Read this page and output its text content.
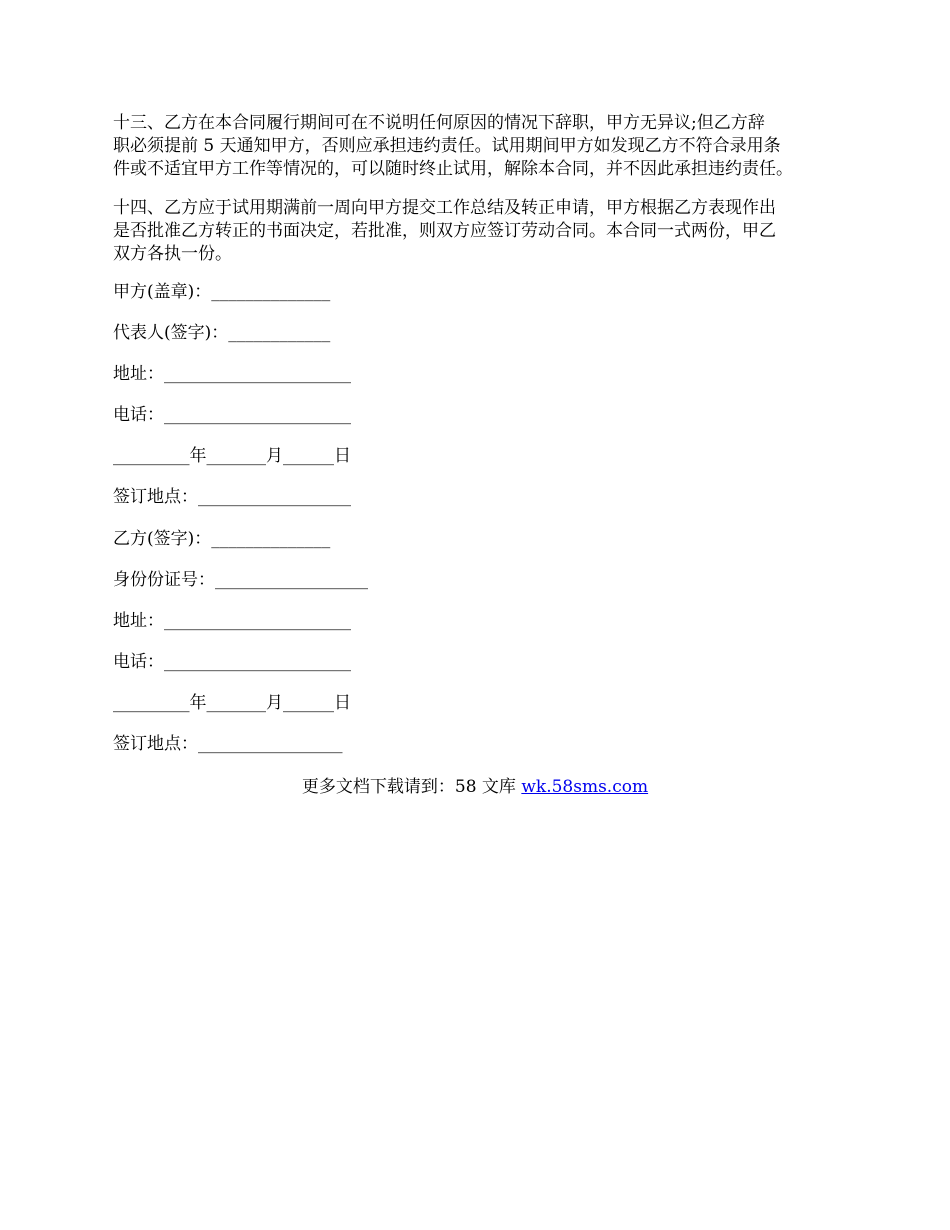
十三、乙方在本合同履行期间可在不说明任何原因的情况下辞职，甲方无异议;但乙方辞
职必须提前 5 天通知甲方，否则应承担违约责任。试用期间甲方如发现乙方不符合录用条
件或不适宜甲方工作等情况的，可以随时终止试用，解除本合同，并不因此承担违约责任。
十四、乙方应于试用期满前一周向甲方提交工作总结及转正申请，甲方根据乙方表现作出
是否批准乙方转正的书面决定，若批准，则双方应签订劳动合同。本合同一式两份，甲乙
双方各执一份。
甲方(盖章)：______________
代表人(签字)：____________
地址：______________________
电话：______________________
_________年_______月______日
签订地点：__________________
乙方(签字)：______________
身份份证号：__________________
地址：______________________
电话：______________________
_________年_______月______日
签订地点：_________________
更多文档下载请到：58 文库 wk.58sms.com
